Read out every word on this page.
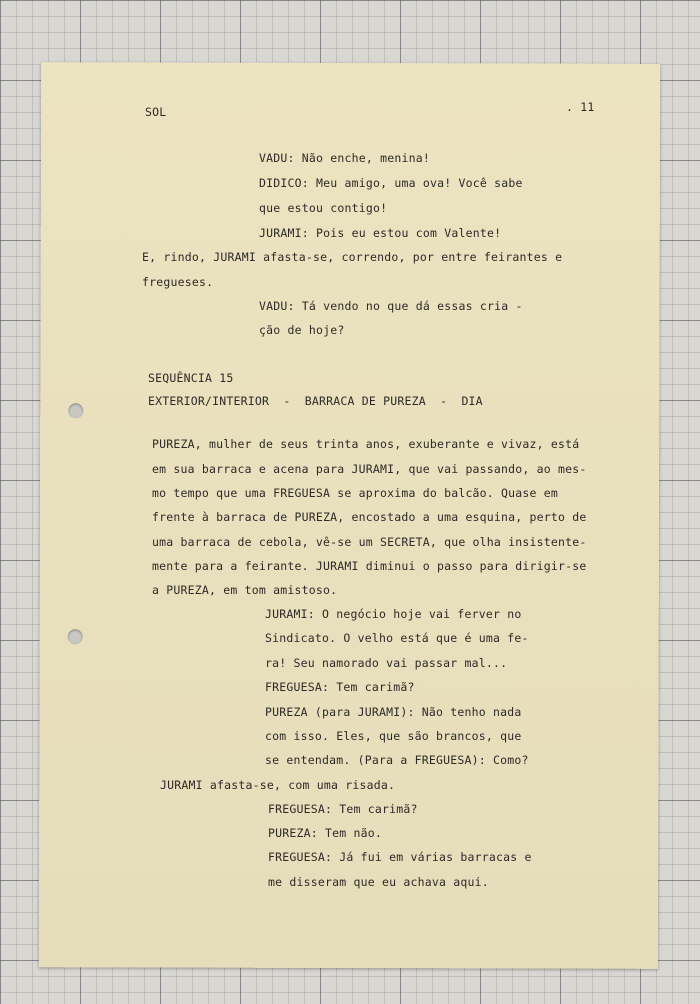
SOL	. 11
VADU: Não enche, menina!
DIDICO: Meu amigo, uma ova! Você sabe
que estou contigo!
JURAMI: Pois eu estou com Valente!
E, rindo, JURAMI afasta-se, correndo, por entre feirantes e
fregueses.
VADU: Tá vendo no que dá essas cria -
ção de hoje?
SEQUÊNCIA 15
EXTERIOR/INTERIOR  -  BARRACA DE PUREZA  -  DIA
PUREZA, mulher de seus trinta anos, exuberante e vivaz, está
em sua barraca e acena para JURAMI, que vai passando, ao mes-
mo tempo que uma FREGUESA se aproxima do balcão. Quase em
frente à barraca de PUREZA, encostado a uma esquina, perto de
uma barraca de cebola, vê-se um SECRETA, que olha insistente-
mente para a feirante. JURAMI diminui o passo para dirigir-se
a PUREZA, em tom amistoso.
JURAMI: O negócio hoje vai ferver no
Sindicato. O velho está que é uma fe-
ra! Seu namorado vai passar mal...
FREGUESA: Tem carimã?
PUREZA (para JURAMI): Não tenho nada
com isso. Eles, que são brancos, que
se entendam. (Para a FREGUESA): Como?
JURAMI afasta-se, com uma risada.
FREGUESA: Tem carimã?
PUREZA: Tem não.
FREGUESA: Já fui em várias barracas e
me disseram que eu achava aqui.
